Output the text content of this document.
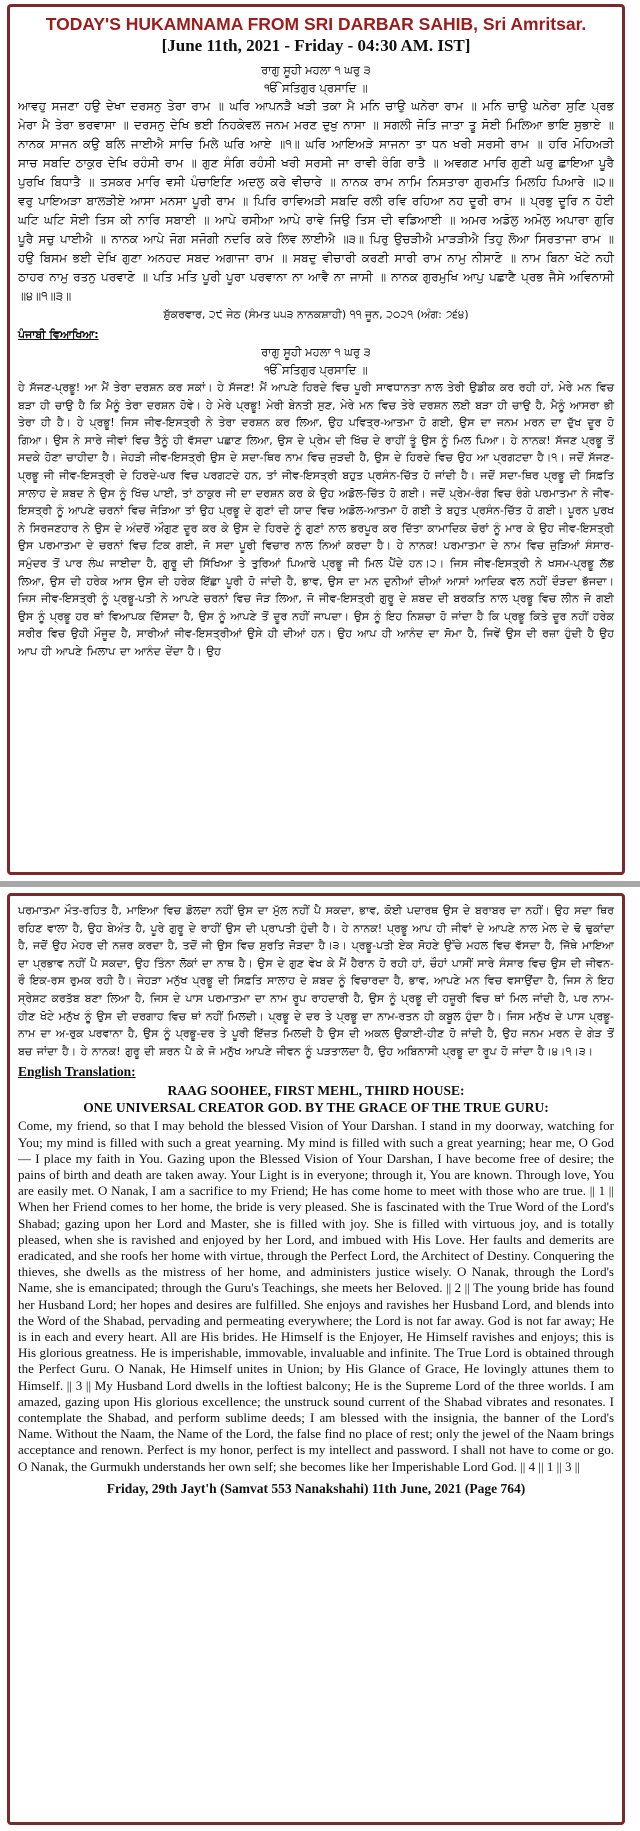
TODAY'S HUKAMNAMA FROM SRI DARBAR SAHIB, Sri Amritsar.

[June 11th, 2021 - Friday - 04:30 AM. IST]

ਰਾਗੁ ਸੂਹੀ ਮਹਲਾ ੧ ਘਰੁ ੩

ੴ ਸਤਿਗੁਰ ਪ੍ਰਸਾਦਿ ॥

ਆਵਹੁ ਸਜਣਾ ਹਉ ਦੇਖਾ ਦਰਸਨੁ ਤੇਰਾ ਰਾਮ ॥ ਘਰਿ ਆਪਨੜੈ ਖੜੀ ਤਕਾ ਮੈ ਮਨਿ ਚਾਉ ਘਨੇਰਾ ਰਾਮ ॥ ਮਨਿ ਚਾਉ ਘਨੇਰਾ ਸੁਣਿ ਪ੍ਰਭ ਮੇਰਾ ਮੈ ਤੇਰਾ ਭਰਵਾਸਾ ॥ ਦਰਸਨੁ ਦੇਖਿ ਭਈ ਨਿਹਕੇਵਲ ਜਨਮ ਮਰਣ ਦੁਖੁ ਨਾਸਾ ॥ ਸਗਲੀ ਜੋਤਿ ਜਾਤਾ ਤੂ ਸੋਈ ਮਿਲਿਆ ਭਾਇ ਸੁਭਾਏ ॥ ਨਾਨਕ ਸਾਜਨ ਕਉ ਬਲਿ ਜਾਈਐ ਸਾਚਿ ਮਿਲੇ ਘਰਿ ਆਏ ॥੧॥ ਘਰਿ ਆਇਅੜੇ ਸਾਜਨਾ ਤਾ ਧਨ ਖਰੀ ਸਰਸੀ ਰਾਮ ॥ ਹਰਿ ਮੋਹਿਅੜੀ ਸਾਚ ਸਬਦਿ ਠਾਕੁਰ ਦੇਖਿ ਰਹੰਸੀ ਰਾਮ ॥ ਗੁਣ ਸੰਗਿ ਰਹੰਸੀ ਖਰੀ ਸਰਸੀ ਜਾ ਰਾਵੀ ਰੰਗਿ ਰਾਤੈ ॥ ਅਵਗਣ ਮਾਰਿ ਗੁਣੀ ਘਰੁ ਛਾਇਆ ਪੂਰੈ ਪੁਰਖਿ ਬਿਧਾਤੈ ॥ ਤਸਕਰ ਮਾਰਿ ਵਸੀ ਪੰਚਾਇਣਿ ਅਦਲੁ ਕਰੇ ਵੀਚਾਰੇ ॥ ਨਾਨਕ ਰਾਮ ਨਾਮਿ ਨਿਸਤਾਰਾ ਗੁਰਮਤਿ ਮਿਲਹਿ ਪਿਆਰੇ ॥੨॥ ਵਰੁ ਪਾਇਅੜਾ ਬਾਲੜੀਏ ਆਸਾ ਮਨਸਾ ਪੂਰੀ ਰਾਮ ॥ ਪਿਰਿ ਰਾਵਿਅੜੀ ਸਬਦਿ ਰਲੀ ਰਵਿ ਰਹਿਆ ਨਹ ਦੂਰੀ ਰਾਮ ॥ ਪ੍ਰਭੁ ਦੂਰਿ ਨ ਹੋਈ ਘਟਿ ਘਟਿ ਸੋਈ ਤਿਸ ਕੀ ਨਾਰਿ ਸਬਾਈ ॥ ਆਪੇ ਰਸੀਆ ਆਪੇ ਰਾਵੇ ਜਿਉ ਤਿਸ ਦੀ ਵਡਿਆਈ ॥ ਅਮਰ ਅਡੋਲੁ ਅਮੋਲੁ ਅਪਾਰਾ ਗੁਰਿ ਪੂਰੈ ਸਚੁ ਪਾਈਐ ॥ ਨਾਨਕ ਆਪੇ ਜੋਗ ਸਜੋਗੀ ਨਦਰਿ ਕਰੇ ਲਿਵ ਲਾਈਐ ॥੩॥ ਪਿਰੁ ਉਚੜੀਐ ਮਾੜੜੀਐ ਤਿਹੁ ਲੋਆ ਸਿਰਤਾਜਾ ਰਾਮ ॥ ਹਉ ਬਿਸਮ ਭਈ ਦੇਖਿ ਗੁਣਾ ਅਨਹਦ ਸਬਦ ਅਗਾਜਾ ਰਾਮ ॥ ਸਬਦੁ ਵੀਚਾਰੀ ਕਰਣੀ ਸਾਰੀ ਰਾਮ ਨਾਮੁ ਨੀਸਾਣੋ ॥ ਨਾਮ ਬਿਨਾ ਖੋਟੇ ਨਹੀ ਠਾਹਰ ਨਾਮੁ ਰਤਨੁ ਪਰਵਾਣੋ ॥ ਪਤਿ ਮਤਿ ਪੂਰੀ ਪੂਰਾ ਪਰਵਾਨਾ ਨਾ ਆਵੈ ਨਾ ਜਾਸੀ ॥ ਨਾਨਕ ਗੁਰਮੁਖਿ ਆਪੁ ਪਛਾਣੈ ਪ੍ਰਭ ਜੈਸੇ ਅਵਿਨਾਸੀ ॥੪॥੧॥੩॥

ਸ਼ੁੱਕਰਵਾਰ, ੨੯ ਜੇਠ (ਸੰਮਤ ੫੫੩ ਨਾਨਕਸ਼ਾਹੀ) ੧੧ ਜੂਨ, ੨੦੨੧ (ਅੰਗ: ੭੬੪)

ਪੰਜਾਬੀ ਵਿਆਖਿਆ:

ਰਾਗੁ ਸੂਹੀ ਮਹਲਾ ੧ ਘਰੁ ੩

ੴ ਸਤਿਗੁਰ ਪ੍ਰਸਾਦਿ ॥

ਹੇ ਸੱਜਣ-ਪ੍ਰਭੂ! ਆ ਮੈਂ ਤੇਰਾ ਦਰਸ਼ਨ ਕਰ ਸਕਾਂ। ਹੇ ਸੱਜਣ! ਮੈਂ ਆਪਣੇ ਹਿਰਦੇ ਵਿਚ ਪੂਰੀ ਸਾਵਧਾਨਤਾ ਨਾਲ ਤੇਰੀ ਉਡੀਕ ਕਰ ਰਹੀ ਹਾਂ, ਮੇਰੇ ਮਨ ਵਿਚ ਬੜਾ ਹੀ ਚਾਉ ਹੈ ਕਿ ਮੈਨੂੰ ਤੇਰਾ ਦਰਸ਼ਨ ਹੋਵੇ। ਹੇ ਮੇਰੇ ਪ੍ਰਭੂ! ਮੇਰੀ ਬੇਨਤੀ ਸੁਣ, ਮੇਰੇ ਮਨ ਵਿਚ ਤੇਰੇ ਦਰਸ਼ਨ ਲਈ ਬੜਾ ਹੀ ਚਾਉ ਹੈ, ਮੈਨੂੰ ਆਸਰਾ ਭੀ ਤੇਰਾ ਹੀ ਹੈ। ਹੇ ਪ੍ਰਭੂ! ਜਿਸ ਜੀਵ-ਇਸਤ੍ਰੀ ਨੇ ਤੇਰਾ ਦਰਸ਼ਨ ਕਰ ਲਿਆ, ਉਹ ਪਵਿਤ੍ਰ-ਆਤਮਾ ਹੋ ਗਈ, ਉਸ ਦਾ ਜਨਮ ਮਰਨ ਦਾ ਦੁੱਖ ਦੂਰ ਹੋ ਗਿਆ। ਉਸ ਨੇ ਸਾਰੇ ਜੀਵਾਂ ਵਿਚ ਤੈਨੂੰ ਹੀ ਵੱਸਦਾ ਪਛਾਣ ਲਿਆ, ਉਸ ਦੇ ਪ੍ਰੇਮ ਦੀ ਖਿੱਚ ਦੇ ਰਾਹੀਂ ਤੂੰ ਉਸ ਨੂੰ ਮਿਲ ਪਿਆ। ਹੇ ਨਾਨਕ! ਸੱਜਣ ਪ੍ਰਭੂ ਤੋਂ ਸਦਕੇ ਹੋਣਾ ਚਾਹੀਦਾ ਹੈ। ਜੇਹੜੀ ਜੀਵ-ਇਸਤ੍ਰੀ ਉਸ ਦੇ ਸਦਾ-ਥਿਰ ਨਾਮ ਵਿਚ ਜੁੜਦੀ ਹੈ, ਉਸ ਦੇ ਹਿਰਦੇ ਵਿਚ ਉਹ ਆ ਪ੍ਰਗਟਦਾ ਹੈ।੧। ਜਦੋਂ ਸੱਜਣ-ਪ੍ਰਭੂ ਜੀ ਜੀਵ-ਇਸਤ੍ਰੀ ਦੇ ਹਿਰਦੇ-ਘਰ ਵਿਚ ਪਰਗਟਦੇ ਹਨ, ਤਾਂ ਜੀਵ-ਇਸਤ੍ਰੀ ਬਹੁਤ ਪ੍ਰਸੰਨ-ਚਿੱਤ ਹੋ ਜਾਂਦੀ ਹੈ। ਜਦੋਂ ਸਦਾ-ਥਿਰ ਪ੍ਰਭੂ ਦੀ ਸਿਫ਼ਤਿ ਸਾਲਾਹ ਦੇ ਸ਼ਬਦ ਨੇ ਉਸ ਨੂੰ ਖਿੱਚ ਪਾਈ, ਤਾਂ ਠਾਕੁਰ ਜੀ ਦਾ ਦਰਸ਼ਨ ਕਰ ਕੇ ਉਹ ਅਡੋਲ-ਚਿੱਤ ਹੋ ਗਈ। ਜਦੋਂ ਪ੍ਰੇਮ-ਰੰਗ ਵਿਚ ਰੰਗੇ ਪਰਮਾਤਮਾ ਨੇ ਜੀਵ-ਇਸਤ੍ਰੀ ਨੂੰ ਆਪਣੇ ਚਰਨਾਂ ਵਿਚ ਜੋੜਿਆ ਤਾਂ ਉਹ ਪ੍ਰਭੂ ਦੇ ਗੁਣਾਂ ਦੀ ਯਾਦ ਵਿਚ ਅਡੋਲ-ਆਤਮਾ ਹੋ ਗਈ ਤੇ ਬਹੁਤ ਪ੍ਰਸੰਨ-ਚਿੱਤ ਹੋ ਗਈ। ਪੂਰਨ ਪੁਰਖ ਨੇ ਸਿਰਜਣਹਾਰ ਨੇ ਉਸ ਦੇ ਅੰਦਰੋਂ ਔਗੁਣ ਦੂਰ ਕਰ ਕੇ ਉਸ ਦੇ ਹਿਰਦੇ ਨੂੰ ਗੁਣਾਂ ਨਾਲ ਭਰਪੂਰ ਕਰ ਦਿੱਤਾ ਕਾਮਾਦਿਕ ਚੋਰਾਂ ਨੂੰ ਮਾਰ ਕੇ ਉਹ ਜੀਵ-ਇਸਤ੍ਰੀ ਉਸ ਪਰਮਾਤਮਾ ਦੇ ਚਰਨਾਂ ਵਿਚ ਟਿਕ ਗਈ, ਜੋ ਸਦਾ ਪੂਰੀ ਵਿਚਾਰ ਨਾਲ ਨਿਆਂ ਕਰਦਾ ਹੈ। ਹੇ ਨਾਨਕ! ਪਰਮਾਤਮਾ ਦੇ ਨਾਮ ਵਿਚ ਜੁੜਿਆਂ ਸੰਸਾਰ-ਸਮੁੰਦਰ ਤੋਂ ਪਾਰ ਲੰਘ ਜਾਈਦਾ ਹੈ, ਗੁਰੂ ਦੀ ਸਿੱਖਿਆ ਤੇ ਤੁਰਿਆਂ ਪਿਆਰੇ ਪ੍ਰਭੂ ਜੀ ਮਿਲ ਪੈਂਦੇ ਹਨ।੨। ਜਿਸ ਜੀਵ-ਇਸਤ੍ਰੀ ਨੇ ਖਸਮ-ਪ੍ਰਭੂ ਲੱਭ ਲਿਆ, ਉਸ ਦੀ ਹਰੇਕ ਆਸ ਉਸ ਦੀ ਹਰੇਕ ਇੱਛਾ ਪੂਰੀ ਹੋ ਜਾਂਦੀ ਹੈ, ਭਾਵ, ਉਸ ਦਾ ਮਨ ਦੁਨੀਆਂ ਦੀਆਂ ਆਸਾਂ ਆਦਿਕ ਵਲ ਨਹੀਂ ਦੌੜਦਾ ਭੱਜਦਾ। ਜਿਸ ਜੀਵ-ਇਸਤ੍ਰੀ ਨੂੰ ਪ੍ਰਭੂ-ਪਤੀ ਨੇ ਆਪਣੇ ਚਰਨਾਂ ਵਿਚ ਜੋੜ ਲਿਆ, ਜੋ ਜੀਵ-ਇਸਤ੍ਰੀ ਗੁਰੂ ਦੇ ਸ਼ਬਦ ਦੀ ਬਰਕਤਿ ਨਾਲ ਪ੍ਰਭੂ ਵਿਚ ਲੀਨ ਜੋ ਗਈ ਉਸ ਨੂੰ ਪ੍ਰਭੂ ਹਰ ਥਾਂ ਵਿਆਪਕ ਦਿੱਸਦਾ ਹੈ, ਉਸ ਨੂੰ ਆਪਣੇ ਤੋਂ ਦੂਰ ਨਹੀਂ ਜਾਪਦਾ। ਉਸ ਨੂੰ ਇਹ ਨਿਸ਼ਚਾ ਹੋ ਜਾਂਦਾ ਹੈ ਕਿ ਪ੍ਰਭੂ ਕਿਤੇ ਦੂਰ ਨਹੀਂ ਹਰੇਕ ਸਰੀਰ ਵਿਚ ਉਹੀ ਮੌਜੂਦ ਹੈ, ਸਾਰੀਆਂ ਜੀਵ-ਇਸਤ੍ਰੀਆਂ ਉਸੇ ਹੀ ਦੀਆਂ ਹਨ। ਉਹ ਆਪ ਹੀ ਆਨੰਦ ਦਾ ਸੋਮਾ ਹੈ, ਜਿਵੇਂ ਉਸ ਦੀ ਰਜ਼ਾ ਹੁੰਦੀ ਹੈ ਉਹ ਆਪ ਹੀ ਆਪਣੇ ਮਿਲਾਪ ਦਾ ਆਨੰਦ ਦੇਂਦਾ ਹੈ। ਉਹ

ਪਰਮਾਤਮਾ ਮੌਤ-ਰਹਿਤ ਹੈ, ਮਾਇਆ ਵਿਚ ਡੋਲਦਾ ਨਹੀਂ ਉਸ ਦਾ ਮੁੱਲ ਨਹੀਂ ਪੈ ਸਕਦਾ, ਭਾਵ, ਕੋਈ ਪਦਾਰਥ ਉਸ ਦੇ ਬਰਾਬਰ ਦਾ ਨਹੀਂ। ਉਹ ਸਦਾ ਥਿਰ ਰਹਿਣ ਵਾਲਾ ਹੈ, ਉਹ ਬੇਅੰਤ ਹੈ, ਪੂਰੇ ਗੁਰੂ ਦੇ ਰਾਹੀਂ ਉਸ ਦੀ ਪ੍ਰਾਪਤੀ ਹੁੰਦੀ ਹੈ। ਹੇ ਨਾਨਕ! ਪ੍ਰਭੂ ਆਪ ਹੀ ਜੀਵਾਂ ਦੇ ਆਪਣੇ ਨਾਲ ਮੇਲ ਦੇ ਢੋ ਢੁਕਾਂਦਾ ਹੈ, ਜਦੋਂ ਉਹ ਮੇਹਰ ਦੀ ਨਜ਼ਰ ਕਰਦਾ ਹੈ, ਤਦੋਂ ਜੀ ਉਸ ਵਿਚ ਸੁਰਤਿ ਜੋੜਦਾ ਹੈ।੩। ਪ੍ਰਭੂ-ਪਤੀ ਏਕ ਸੋਹਣੇ ਉੱਚੇ ਮਹਲ ਵਿਚ ਵੱਸਦਾ ਹੈ, ਜਿੱਥੇ ਮਾਇਆ ਦਾ ਪ੍ਰਭਾਵ ਨਹੀਂ ਪੈ ਸਕਦਾ, ਉਹ ਤਿੰਨਾ ਲੋਕਾਂ ਦਾ ਨਾਥ ਹੈ। ਉਸ ਦੇ ਗੁਣ ਵੇਖ ਕੇ ਮੈਂ ਹੈਰਾਨ ਹੋ ਰਹੀ ਹਾਂ, ਚੌਹਾਂ ਪਾਸੀਂ ਸਾਰੇ ਸੰਸਾਰ ਵਿਚ ਉਸ ਦੀ ਜੀਵਨ-ਰੌ ਇਕ-ਰਸ ਰੁਮਕ ਰਹੀ ਹੈ। ਜੇਹੜਾ ਮਨੁੱਖ ਪ੍ਰਭੂ ਦੀ ਸਿਫ਼ਤਿ ਸਾਲਾਹ ਦੇ ਸ਼ਬਦ ਨੂੰ ਵਿਚਾਰਦਾ ਹੈ, ਭਾਵ, ਆਪਣੇ ਮਨ ਵਿਚ ਵਸਾਉਂਦਾ ਹੈ, ਜਿਸ ਨੇ ਇਹ ਸ੍ਰੇਸ਼ਟ ਕਰਤੱਬ ਬਣਾ ਲਿਆ ਹੈ, ਜਿਸ ਦੇ ਪਾਸ ਪਰਮਾਤਮਾ ਦਾ ਨਾਮ ਰੂਪ ਰਾਹਦਾਰੀ ਹੈ, ਉਸ ਨੂੰ ਪ੍ਰਭੂ ਦੀ ਹਜ਼ੂਰੀ ਵਿਚ ਥਾਂ ਮਿਲ ਜਾਂਦੀ ਹੈ, ਪਰ ਨਾਮ-ਹੀਣ ਖੋਟੇ ਮਨੁੱਖ ਨੂੰ ਉਸ ਦੀ ਦਰਗਾਹ ਵਿਚ ਥਾਂ ਨਹੀਂ ਮਿਲਦੀ। ਪ੍ਰਭੂ ਦੇ ਦਰ ਤੇ ਪ੍ਰਭੂ ਦਾ ਨਾਮ-ਰਤਨ ਹੀ ਕਬੂਲ ਹੁੰਦਾ ਹੈ। ਜਿਸ ਮਨੁੱਖ ਦੇ ਪਾਸ ਪ੍ਰਭੂ-ਨਾਮ ਦਾ ਅ-ਰੁਕ ਪਰਵਾਨਾ ਹੈ, ਉਸ ਨੂੰ ਪ੍ਰਭੂ-ਦਰ ਤੇ ਪੂਰੀ ਇੱਜ਼ਤ ਮਿਲਦੀ ਹੈ ਉਸ ਦੀ ਅਕਲ ਉਕਾਈ-ਹੀਣ ਹੋ ਜਾਂਦੀ ਹੈ, ਉਹ ਜਨਮ ਮਰਨ ਦੇ ਗੇੜ ਤੋਂ ਬਚ ਜਾਂਦਾ ਹੈ। ਹੇ ਨਾਨਕ! ਗੁਰੂ ਦੀ ਸ਼ਰਨ ਪੈ ਕੇ ਜੋ ਮਨੁੱਖ ਆਪਣੇ ਜੀਵਨ ਨੂੰ ਪੜਤਾਲਦਾ ਹੈ, ਉਹ ਅਬਿਨਾਸੀ ਪ੍ਰਭੂ ਦਾ ਰੂਪ ਹੋ ਜਾਂਦਾ ਹੈ।੪।੧।੩।

English Translation:

RAAG SOOHEE, FIRST MEHL, THIRD HOUSE:

ONE UNIVERSAL CREATOR GOD. BY THE GRACE OF THE TRUE GURU:

Come, my friend, so that I may behold the blessed Vision of Your Darshan. I stand in my doorway, watching for You; my mind is filled with such a great yearning. My mind is filled with such a great yearning; hear me, O God — I place my faith in You. Gazing upon the Blessed Vision of Your Darshan, I have become free of desire; the pains of birth and death are taken away. Your Light is in everyone; through it, You are known. Through love, You are easily met. O Nanak, I am a sacrifice to my Friend; He has come home to meet with those who are true. || 1 || When her Friend comes to her home, the bride is very pleased. She is fascinated with the True Word of the Lord's Shabad; gazing upon her Lord and Master, she is filled with joy. She is filled with virtuous joy, and is totally pleased, when she is ravished and enjoyed by her Lord, and imbued with His Love. Her faults and demerits are eradicated, and she roofs her home with virtue, through the Perfect Lord, the Architect of Destiny. Conquering the thieves, she dwells as the mistress of her home, and administers justice wisely. O Nanak, through the Lord's Name, she is emancipated; through the Guru's Teachings, she meets her Beloved. || 2 || The young bride has found her Husband Lord; her hopes and desires are fulfilled. She enjoys and ravishes her Husband Lord, and blends into the Word of the Shabad, pervading and permeating everywhere; the Lord is not far away. God is not far away; He is in each and every heart. All are His brides. He Himself is the Enjoyer, He Himself ravishes and enjoys; this is His glorious greatness. He is imperishable, immovable, invaluable and infinite. The True Lord is obtained through the Perfect Guru. O Nanak, He Himself unites in Union; by His Glance of Grace, He lovingly attunes them to Himself. || 3 || My Husband Lord dwells in the loftiest balcony; He is the Supreme Lord of the three worlds. I am amazed, gazing upon His glorious excellence; the unstruck sound current of the Shabad vibrates and resonates. I contemplate the Shabad, and perform sublime deeds; I am blessed with the insignia, the banner of the Lord's Name. Without the Naam, the Name of the Lord, the false find no place of rest; only the jewel of the Naam brings acceptance and renown. Perfect is my honor, perfect is my intellect and password. I shall not have to come or go. O Nanak, the Gurmukh understands her own self; she becomes like her Imperishable Lord God. || 4 || 1 || 3 ||

Friday, 29th Jayt'h (Samvat 553 Nanakshahi) 11th June, 2021 (Page 764)
